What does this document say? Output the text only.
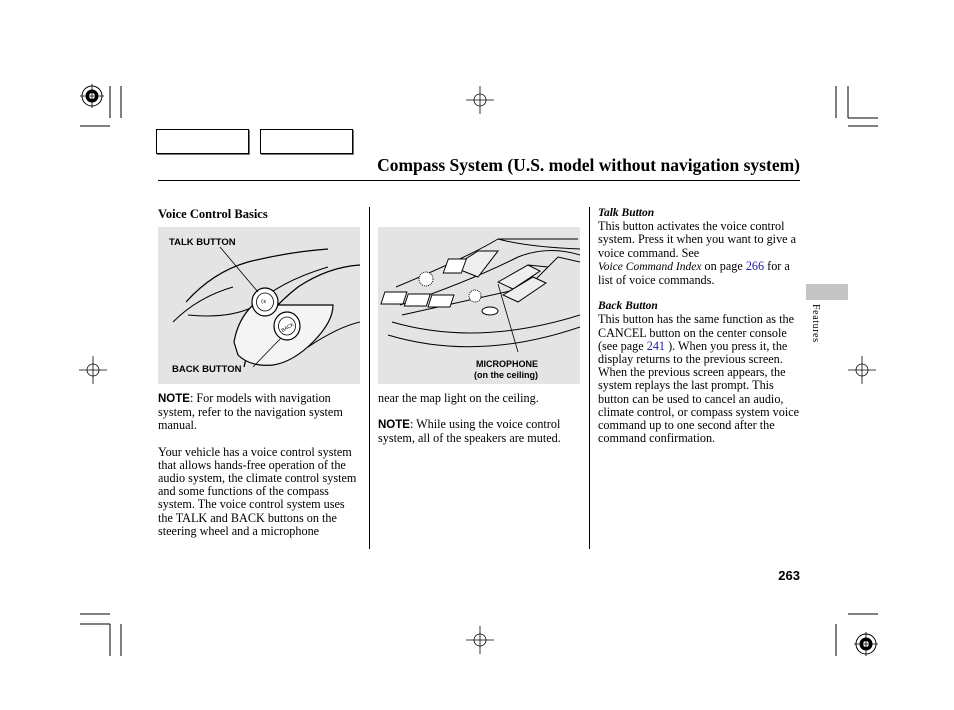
Compass System (U.S. model without navigation system)
Features
Voice Control Basics
⁽ᵋ
BACK
TALK BUTTON
BACK BUTTON

NOTE: For models with navigation system, refer to the navigation system manual.

Your vehicle has a voice control system that allows hands-free operation of the audio system, the climate control system and some functions of the compass system. The voice control system uses the TALK and BACK buttons on the steering wheel and a microphone

MICROPHONE
(on the ceiling)

near the map light on the ceiling.

NOTE: While using the voice control system, all of the speakers are muted.

Talk Button

This button activates the voice control system. Press it when you want to give a voice command. See
Voice Command Index on page 266 for a list of voice commands.

Back Button

This button has the same function as the CANCEL button on the center console (see page 241 ). When you press it, the display returns to the previous screen. When the previous screen appears, the system replays the last prompt. This button can be used to cancel an audio, climate control, or compass system voice command up to one second after the command confirmation.

263
